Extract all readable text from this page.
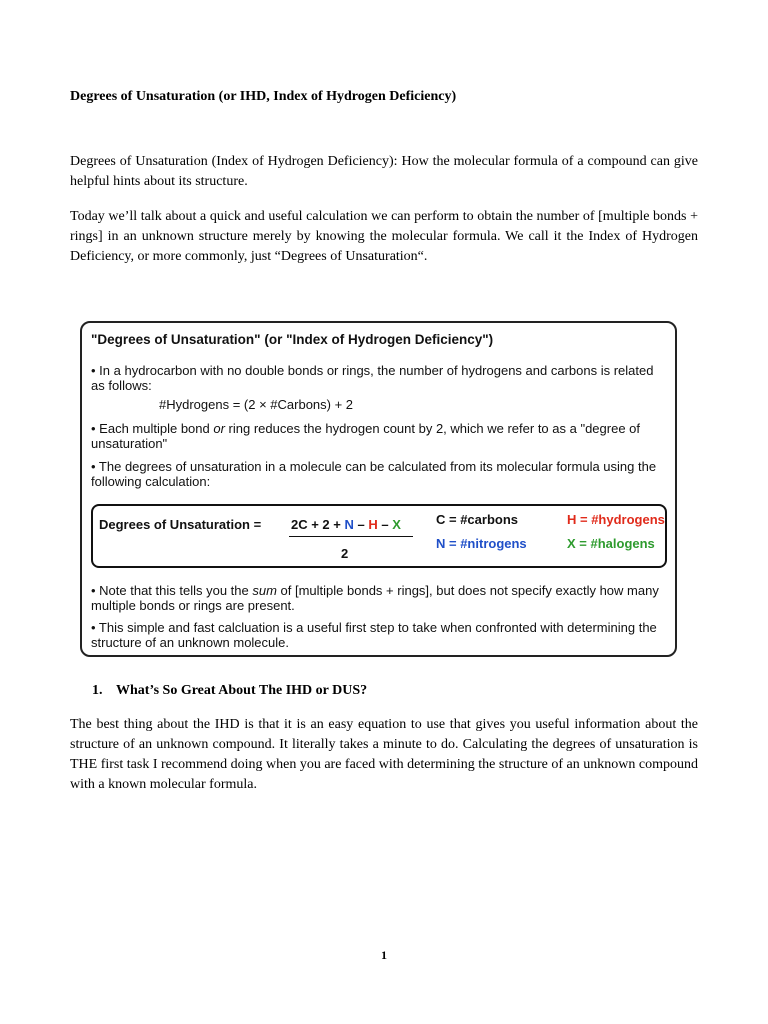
Degrees of Unsaturation (or IHD, Index of Hydrogen Deficiency)

Degrees of Unsaturation (Index of Hydrogen Deficiency): How the molecular formula of a compound can give helpful hints about its structure.

Today we’ll talk about a quick and useful calculation we can perform to obtain the number of [multiple bonds + rings] in an unknown structure merely by knowing the molecular formula. We call it the Index of Hydrogen Deficiency, or more commonly, just “Degrees of Unsaturation“.

"Degrees of Unsaturation" (or "Index of Hydrogen Deficiency")
• In a hydrocarbon with no double bonds or rings, the number of hydrogens and carbons is related as follows:
#Hydrogens = (2 × #Carbons) + 2
• Each multiple bond or ring reduces the hydrogen count by 2, which we refer to as a "degree of unsaturation"
• The degrees of unsaturation in a molecule can be calculated from its molecular formula using the following calculation:
Degrees of Unsaturation = 2C + 2 + N – H – X
2
C = #carbons	H = #hydrogens
N = #nitrogens	X = #halogens
• Note that this tells you the sum of [multiple bonds + rings], but does not specify exactly how many multiple bonds or rings are present.
• This simple and fast calcluation is a useful first step to take when confronted with determining the structure of an unknown molecule.
1. What’s So Great About The IHD or DUS?

The best thing about the IHD is that it is an easy equation to use that gives you useful information about the structure of an unknown compound. It literally takes a minute to do. Calculating the degrees of unsaturation is THE first task I recommend doing when you are faced with determining the structure of an unknown compound with a known molecular formula.

1
